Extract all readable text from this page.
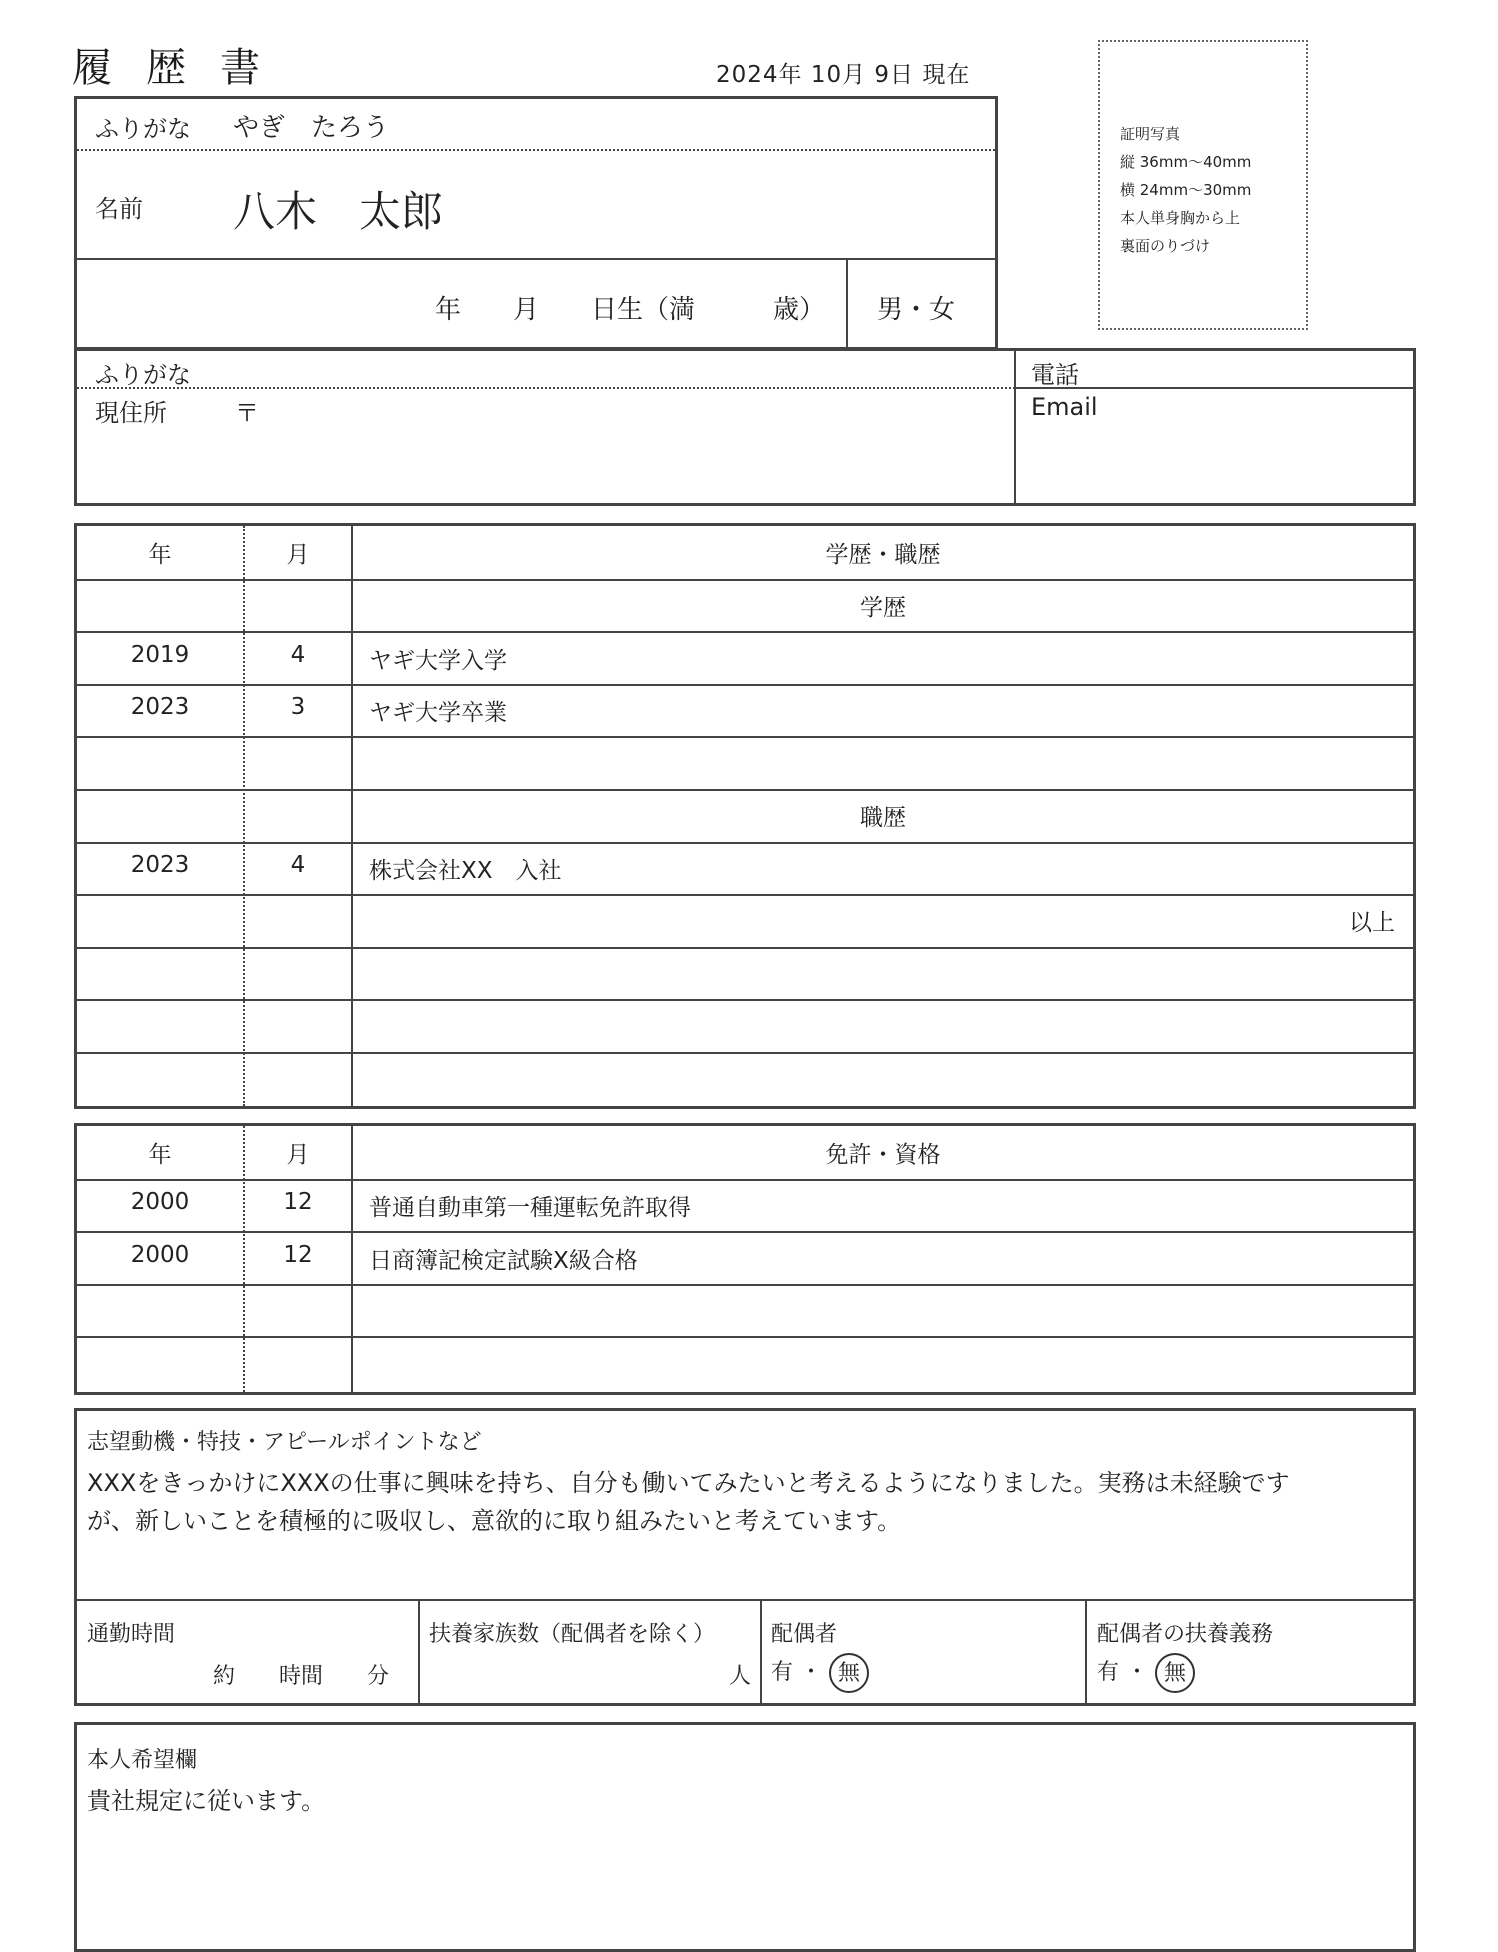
履歴書	2024年 10月 9日 現在
証明写真
縦 36mm〜40mm
横 24mm〜30mm
本人単身胸から上
裏面のりづけ
ふりがな やぎ　たろう
名前 八木　太郎
年　　月　　日生（満　　　歳） 男・女
ふりがな
現住所	〒
電話
Email
年	月	学歴・職歴
学歴
2019	4	ヤギ大学入学
2023	3	ヤギ大学卒業
職歴
2023	4	株式会社XX　入社
以上
年	月	免許・資格
2000	12	普通自動車第一種運転免許取得
2000	12	日商簿記検定試験X級合格
志望動機・特技・アピールポイントなど
XXXをきっかけにXXXの仕事に興味を持ち、自分も働いてみたいと考えるようになりました。実務は未経験です
が、新しいことを積極的に吸収し、意欲的に取り組みたいと考えています。
通勤時間
約　　時間　　分
扶養家族数（配偶者を除く）
人
配偶者
有 ・ 無
配偶者の扶養義務
有 ・ 無
本人希望欄
貴社規定に従います。
